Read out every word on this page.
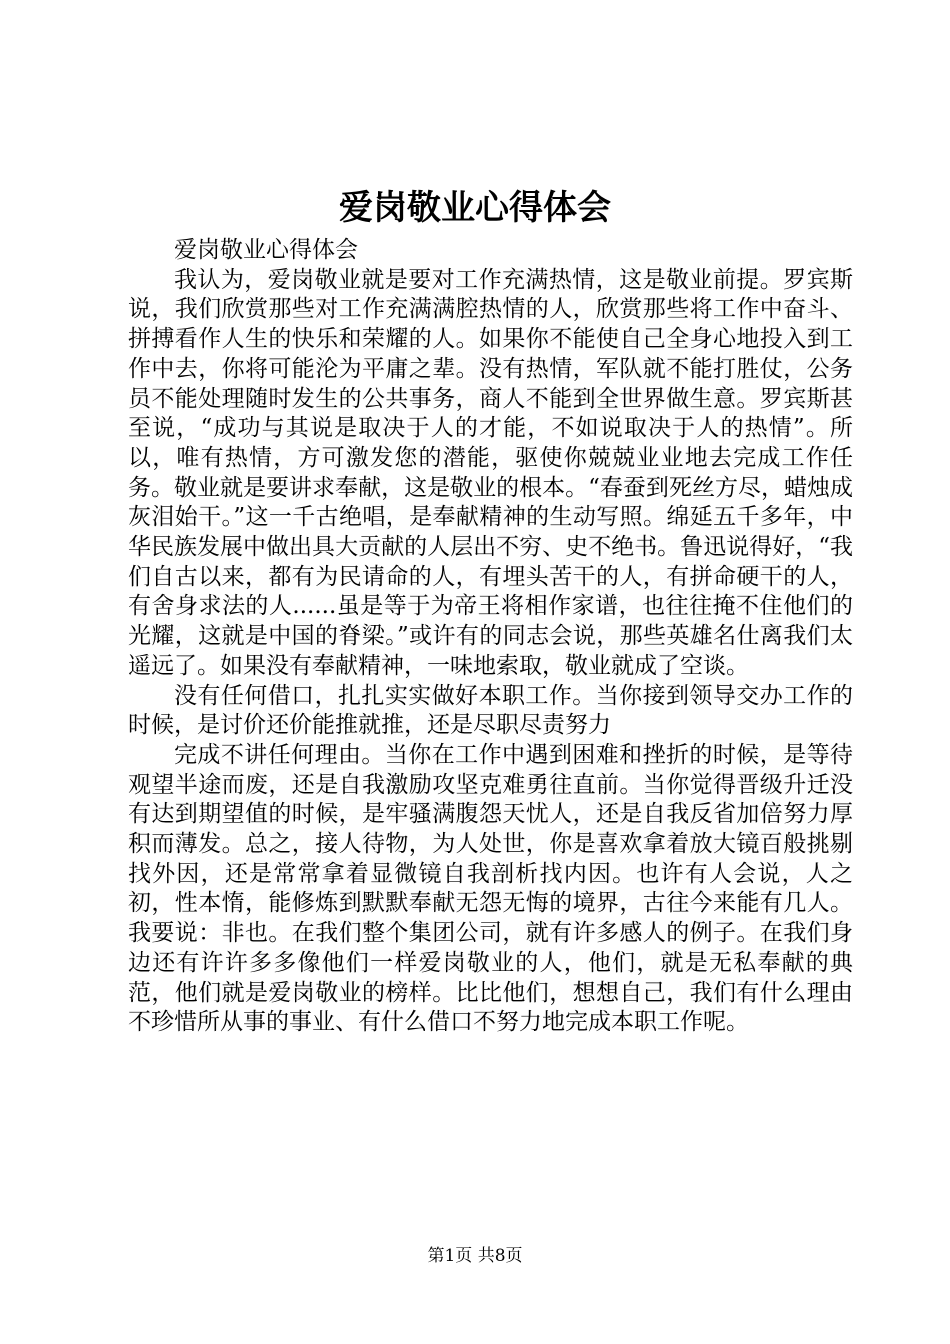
爱岗敬业心得体会

爱岗敬业心得体会

我认为，爱岗敬业就是要对工作充满热情，这是敬业前提。罗宾斯说，我们欣赏那些对工作充满满腔热情的人，欣赏那些将工作中奋斗、拼搏看作人生的快乐和荣耀的人。如果你不能使自己全身心地投入到工作中去，你将可能沦为平庸之辈。没有热情，军队就不能打胜仗，公务员不能处理随时发生的公共事务，商人不能到全世界做生意。罗宾斯甚至说，“成功与其说是取决于人的才能，不如说取决于人的热情”。所以，唯有热情，方可激发您的潜能，驱使你兢兢业业地去完成工作任务。敬业就是要讲求奉献，这是敬业的根本。“春蚕到死丝方尽，蜡烛成灰泪始干。”这一千古绝唱，是奉献精神的生动写照。绵延五千多年，中华民族发展中做出具大贡献的人层出不穷、史不绝书。鲁迅说得好，“我们自古以来，都有为民请命的人，有埋头苦干的人，有拼命硬干的人，有舍身求法的人......虽是等于为帝王将相作家谱，也往往掩不住他们的光耀，这就是中国的脊梁。”或许有的同志会说，那些英雄名仕离我们太遥远了。如果没有奉献精神，一味地索取，敬业就成了空谈。

没有任何借口，扎扎实实做好本职工作。当你接到领导交办工作的时候，是讨价还价能推就推，还是尽职尽责努力

完成不讲任何理由。当你在工作中遇到困难和挫折的时候，是等待观望半途而废，还是自我激励攻坚克难勇往直前。当你觉得晋级升迁没有达到期望值的时候，是牢骚满腹怨天忧人，还是自我反省加倍努力厚积而薄发。总之，接人待物，为人处世，你是喜欢拿着放大镜百般挑剔找外因，还是常常拿着显微镜自我剖析找内因。也许有人会说，人之初，性本惰，能修炼到默默奉献无怨无悔的境界，古往今来能有几人。我要说：非也。在我们整个集团公司，就有许多感人的例子。在我们身边还有许许多多像他们一样爱岗敬业的人，他们，就是无私奉献的典范，他们就是爱岗敬业的榜样。比比他们，想想自己，我们有什么理由不珍惜所从事的事业、有什么借口不努力地完成本职工作呢。

第1页 共8页
